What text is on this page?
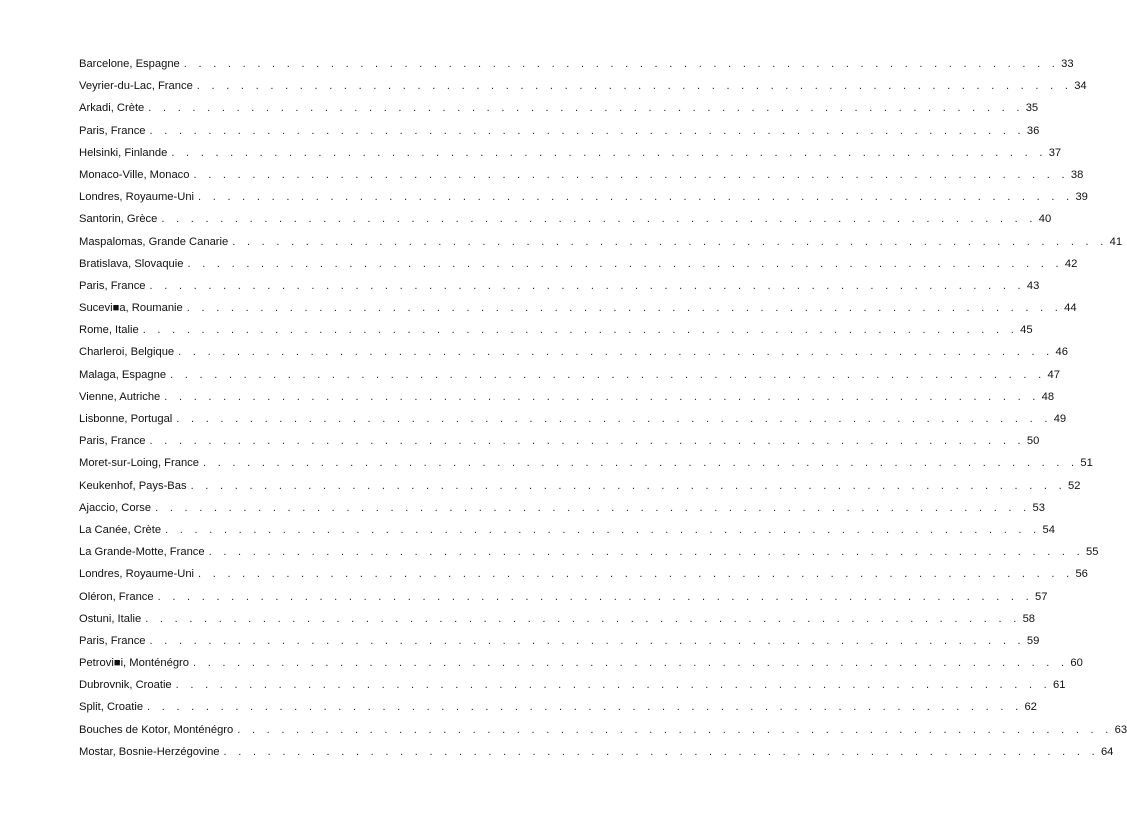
Barcelone, Espagne . . . . . . . . . . . . . . . . . . . . . . . . . . . . . . . . . . . . . . . . . . . . . . . . . . . . . . . . . . . . 33
Veyrier-du-Lac, France . . . . . . . . . . . . . . . . . . . . . . . . . . . . . . . . . . . . . . . . . . . . . . . . . . . . . . . . . . . . 34
Arkadi, Crète . . . . . . . . . . . . . . . . . . . . . . . . . . . . . . . . . . . . . . . . . . . . . . . . . . . . . . . . . . . . 35
Paris, France . . . . . . . . . . . . . . . . . . . . . . . . . . . . . . . . . . . . . . . . . . . . . . . . . . . . . . . . . . . . 36
Helsinki, Finlande . . . . . . . . . . . . . . . . . . . . . . . . . . . . . . . . . . . . . . . . . . . . . . . . . . . . . . . . . . . . 37
Monaco-Ville, Monaco . . . . . . . . . . . . . . . . . . . . . . . . . . . . . . . . . . . . . . . . . . . . . . . . . . . . . . . . . . . . 38
Londres, Royaume-Uni . . . . . . . . . . . . . . . . . . . . . . . . . . . . . . . . . . . . . . . . . . . . . . . . . . . . . . . . . . . . 39
Santorin, Grèce . . . . . . . . . . . . . . . . . . . . . . . . . . . . . . . . . . . . . . . . . . . . . . . . . . . . . . . . . . . . 40
Maspalomas, Grande Canarie . . . . . . . . . . . . . . . . . . . . . . . . . . . . . . . . . . . . . . . . . . . . . . . . . . . . . . . . . . . . 41
Bratislava, Slovaquie . . . . . . . . . . . . . . . . . . . . . . . . . . . . . . . . . . . . . . . . . . . . . . . . . . . . . . . . . . . . 42
Paris, France . . . . . . . . . . . . . . . . . . . . . . . . . . . . . . . . . . . . . . . . . . . . . . . . . . . . . . . . . . . . 43
Sucevi■a, Roumanie . . . . . . . . . . . . . . . . . . . . . . . . . . . . . . . . . . . . . . . . . . . . . . . . . . . . . . . . . . . . 44
Rome, Italie . . . . . . . . . . . . . . . . . . . . . . . . . . . . . . . . . . . . . . . . . . . . . . . . . . . . . . . . . . . . 45
Charleroi, Belgique . . . . . . . . . . . . . . . . . . . . . . . . . . . . . . . . . . . . . . . . . . . . . . . . . . . . . . . . . . . . 46
Malaga, Espagne . . . . . . . . . . . . . . . . . . . . . . . . . . . . . . . . . . . . . . . . . . . . . . . . . . . . . . . . . . . . 47
Vienne, Autriche . . . . . . . . . . . . . . . . . . . . . . . . . . . . . . . . . . . . . . . . . . . . . . . . . . . . . . . . . . . . 48
Lisbonne, Portugal . . . . . . . . . . . . . . . . . . . . . . . . . . . . . . . . . . . . . . . . . . . . . . . . . . . . . . . . . . . . 49
Paris, France . . . . . . . . . . . . . . . . . . . . . . . . . . . . . . . . . . . . . . . . . . . . . . . . . . . . . . . . . . . . 50
Moret-sur-Loing, France . . . . . . . . . . . . . . . . . . . . . . . . . . . . . . . . . . . . . . . . . . . . . . . . . . . . . . . . . . . . 51
Keukenhof, Pays-Bas . . . . . . . . . . . . . . . . . . . . . . . . . . . . . . . . . . . . . . . . . . . . . . . . . . . . . . . . . . . . 52
Ajaccio, Corse . . . . . . . . . . . . . . . . . . . . . . . . . . . . . . . . . . . . . . . . . . . . . . . . . . . . . . . . . . . . 53
La Canée, Crète . . . . . . . . . . . . . . . . . . . . . . . . . . . . . . . . . . . . . . . . . . . . . . . . . . . . . . . . . . . . 54
La Grande-Motte, France . . . . . . . . . . . . . . . . . . . . . . . . . . . . . . . . . . . . . . . . . . . . . . . . . . . . . . . . . . . . 55
Londres, Royaume-Uni . . . . . . . . . . . . . . . . . . . . . . . . . . . . . . . . . . . . . . . . . . . . . . . . . . . . . . . . . . . . 56
Oléron, France . . . . . . . . . . . . . . . . . . . . . . . . . . . . . . . . . . . . . . . . . . . . . . . . . . . . . . . . . . . . 57
Ostuni, Italie . . . . . . . . . . . . . . . . . . . . . . . . . . . . . . . . . . . . . . . . . . . . . . . . . . . . . . . . . . . . 58
Paris, France . . . . . . . . . . . . . . . . . . . . . . . . . . . . . . . . . . . . . . . . . . . . . . . . . . . . . . . . . . . . 59
Petrovi■i, Monténégro . . . . . . . . . . . . . . . . . . . . . . . . . . . . . . . . . . . . . . . . . . . . . . . . . . . . . . . . . . . . 60
Dubrovnik, Croatie . . . . . . . . . . . . . . . . . . . . . . . . . . . . . . . . . . . . . . . . . . . . . . . . . . . . . . . . . . . . 61
Split, Croatie . . . . . . . . . . . . . . . . . . . . . . . . . . . . . . . . . . . . . . . . . . . . . . . . . . . . . . . . . . . . 62
Bouches de Kotor, Monténégro . . . . . . . . . . . . . . . . . . . . . . . . . . . . . . . . . . . . . . . . . . . . . . . . . . . . . . . . . . . . 63
Mostar, Bosnie-Herzégovine . . . . . . . . . . . . . . . . . . . . . . . . . . . . . . . . . . . . . . . . . . . . . . . . . . . . . . . . . . . . 64
